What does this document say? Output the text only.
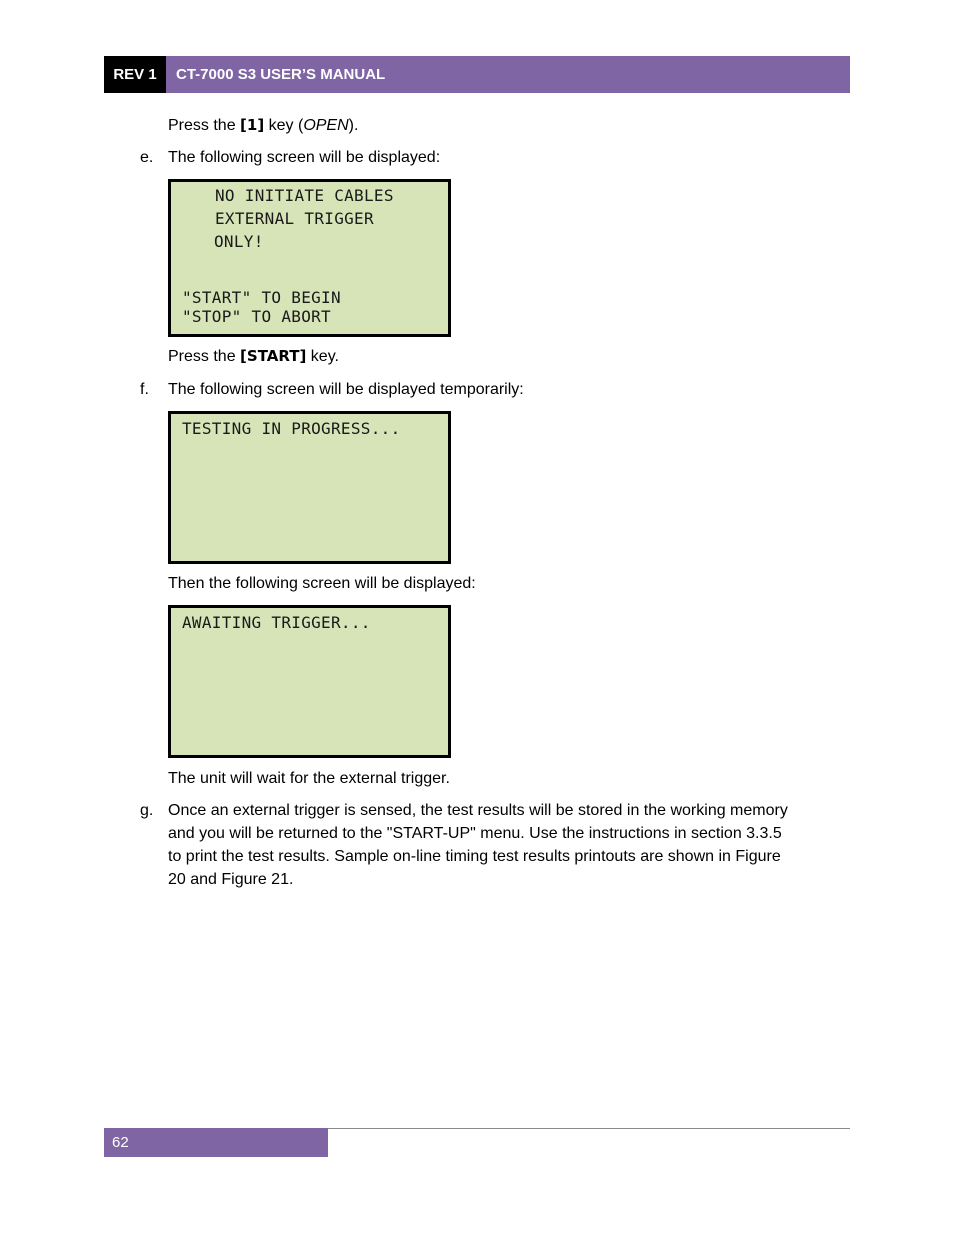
REV 1	CT-7000 S3 USER’S MANUAL
Press the [1] key (OPEN).
e. The following screen will be displayed:
NO INITIATE CABLES
EXTERNAL TRIGGER
ONLY!
"START" TO BEGIN
"STOP" TO ABORT
Press the [START] key.
f. The following screen will be displayed temporarily:
TESTING IN PROGRESS...
Then the following screen will be displayed:
AWAITING TRIGGER...
The unit will wait for the external trigger.
g. Once an external trigger is sensed, the test results will be stored in the working memory
and you will be returned to the "START-UP" menu. Use the instructions in section 3.3.5
to print the test results. Sample on-line timing test results printouts are shown in Figure
20 and Figure 21.
62
